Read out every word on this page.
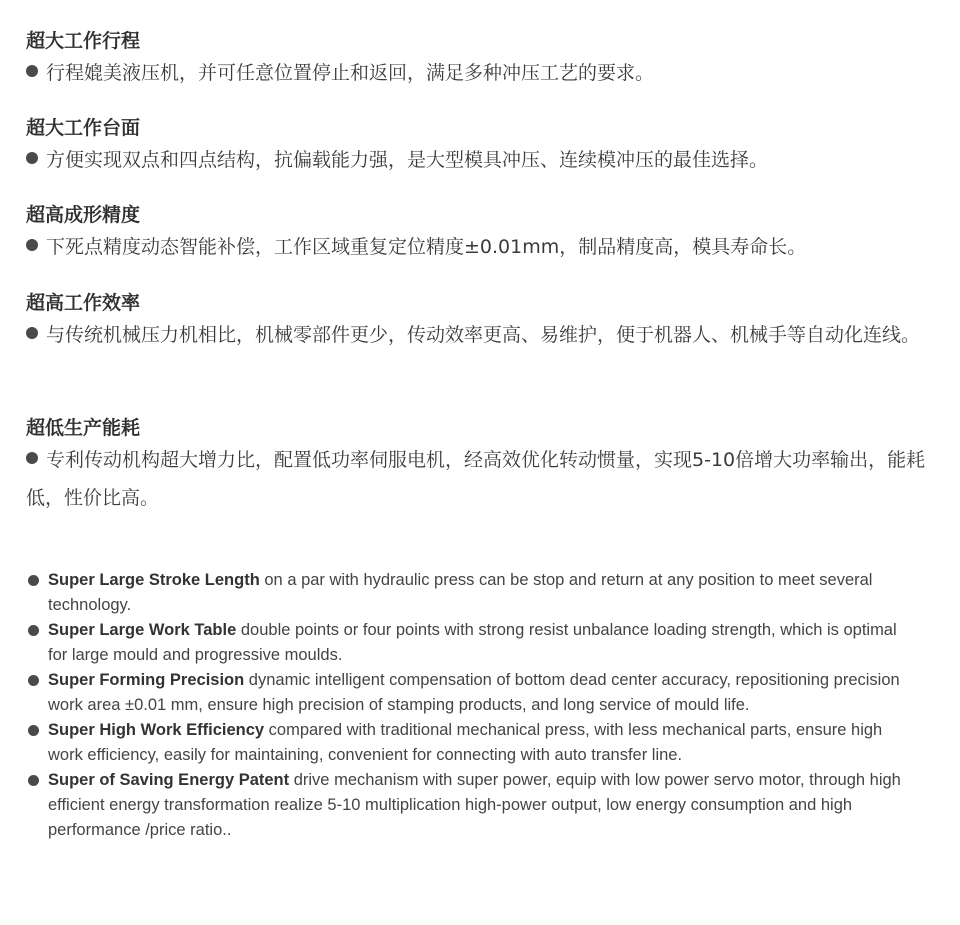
超大工作行程
行程媲美液压机，并可任意位置停止和返回，满足多种冲压工艺的要求。
超大工作台面
方便实现双点和四点结构，抗偏载能力强，是大型模具冲压、连续模冲压的最佳选择。
超高成形精度
下死点精度动态智能补偿，工作区域重复定位精度±0.01mm，制品精度高，模具寿命长。
超高工作效率
与传统机械压力机相比，机械零部件更少，传动效率更高、易维护，便于机器人、机械手等自动化连线。
超低生产能耗
专利传动机构超大增力比，配置低功率伺服电机，经高效优化转动惯量，实现5-10倍增大功率输出，能耗低，性价比高。
Super Large Stroke Length on a par with hydraulic press can be stop and return at any position to meet several technology.
Super Large Work Table double points or four points with strong resist unbalance loading strength, which is optimal for large mould and progressive moulds.
Super Forming Precision dynamic intelligent compensation of bottom dead center accuracy, repositioning precision work area ±0.01 mm, ensure high precision of stamping products, and long service of mould life.
Super High Work Efficiency compared with traditional mechanical press, with less mechanical parts, ensure high work efficiency, easily for maintaining, convenient for connecting with auto transfer line.
Super of Saving Energy Patent drive mechanism with super power, equip with low power servo motor, through high efficient energy transformation realize 5-10 multiplication high-power output, low energy consumption and high performance /price ratio..
